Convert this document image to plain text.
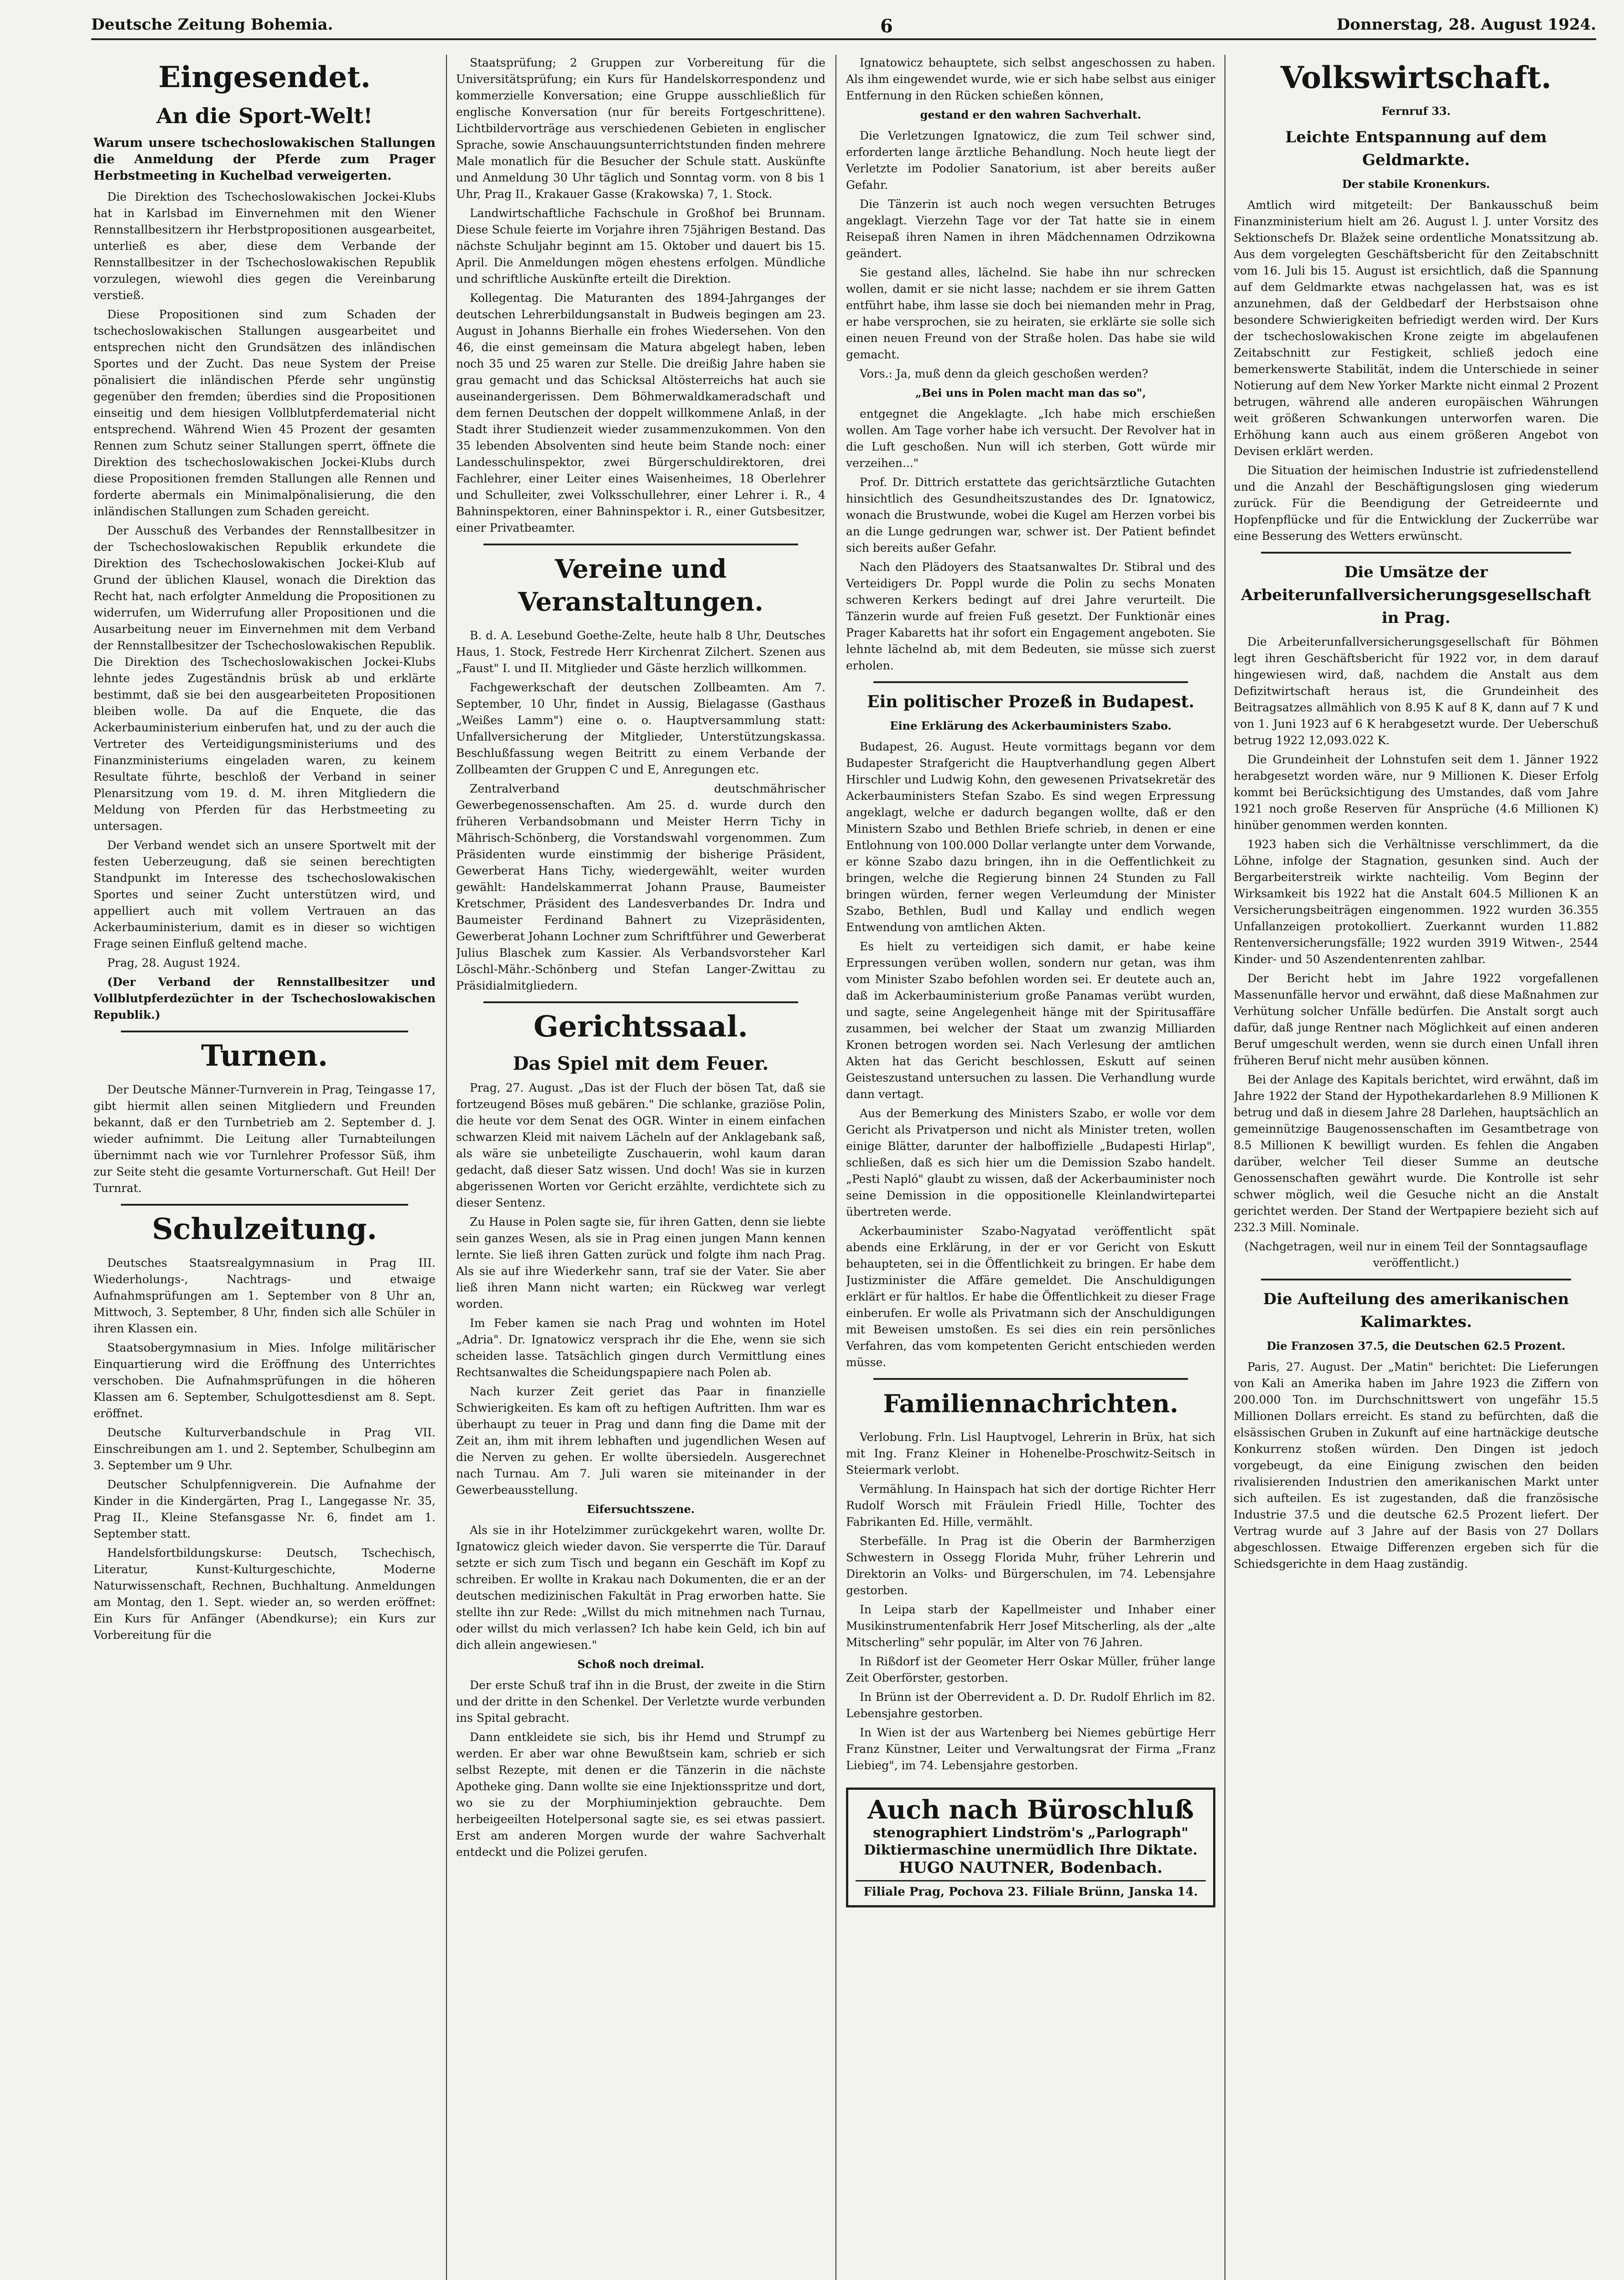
Deutsche Zeitung Bohemia.	6	Donnerstag, 28. August 1924.
Eingesendet.
An die Sport-Welt!
Warum unsere tschechoslowakischen Stallungen die Anmeldung der Pferde zum Prager Herbstmeeting in Kuchelbad verweigerten.

Die Direktion des Tschechoslowakischen Jockei-Klubs hat in Karlsbad im Einvernehmen mit den Wiener Rennstallbesitzern ihr Herbstpropositionen ausgearbeitet, unterließ es aber, diese dem Verbande der Rennstallbesitzer in der Tschechoslowakischen Republik vorzulegen, wiewohl dies gegen die Vereinbarung verstieß.

Diese Propositionen sind zum Schaden der tschechoslowakischen Stallungen ausgearbeitet und entsprechen nicht den Grundsätzen des inländischen Sportes und der Zucht. Das neue System der Preise pönalisiert die inländischen Pferde sehr ungünstig gegenüber den fremden; überdies sind die Propositionen einseitig und dem hiesigen Vollblutpferdematerial nicht entsprechend. Während Wien 45 Prozent der gesamten Rennen zum Schutz seiner Stallungen sperrt, öffnete die Direktion des tschechoslowakischen Jockei-Klubs durch diese Propositionen fremden Stallungen alle Rennen und forderte abermals ein Minimalpönalisierung, die den inländischen Stallungen zum Schaden gereicht.

Der Ausschuß des Verbandes der Rennstallbesitzer in der Tschechoslowakischen Republik erkundete die Direktion des Tschechoslowakischen Jockei-Klub auf Grund der üblichen Klausel, wonach die Direktion das Recht hat, nach erfolgter Anmeldung die Propositionen zu widerrufen, um Widerrufung aller Propositionen und die Ausarbeitung neuer im Einvernehmen mit dem Verband der Rennstallbesitzer der Tschechoslowakischen Republik. Die Direktion des Tschechoslowakischen Jockei-Klubs lehnte jedes Zugeständnis brüsk ab und erklärte bestimmt, daß sie bei den ausgearbeiteten Propositionen bleiben wolle. Da auf die Enquete, die das Ackerbauministerium einberufen hat, und zu der auch die Vertreter des Verteidigungsministeriums und des Finanzministeriums eingeladen waren, zu keinem Resultate führte, beschloß der Verband in seiner Plenarsitzung vom 19. d. M. ihren Mitgliedern die Meldung von Pferden für das Herbstmeeting zu untersagen.

Der Verband wendet sich an unsere Sportwelt mit der festen Ueberzeugung, daß sie seinen berechtigten Standpunkt im Interesse des tschechoslowakischen Sportes und seiner Zucht unterstützen wird, und appelliert auch mit vollem Vertrauen an das Ackerbauministerium, damit es in dieser so wichtigen Frage seinen Einfluß geltend mache.

Prag, 28. August 1924.

(Der Verband der Rennstallbesitzer und Vollblutpferdezüchter in der Tschechoslowakischen Republik.)

Turnen.

Der Deutsche Männer-Turnverein in Prag, Teingasse 17, gibt hiermit allen seinen Mitgliedern und Freunden bekannt, daß er den Turnbetrieb am 2. September d. J. wieder aufnimmt. Die Leitung aller Turnabteilungen übernimmt nach wie vor Turnlehrer Professor Süß, ihm zur Seite steht die gesamte Vorturnerschaft. Gut Heil! Der Turnrat.

Schulzeitung.

Deutsches Staatsrealgymnasium in Prag III. Wiederholungs-, Nachtrags- und etwaige Aufnahmsprüfungen am 1. September von 8 Uhr an, Mittwoch, 3. September, 8 Uhr, finden sich alle Schüler in ihren Klassen ein.

Staatsobergymnasium in Mies. Infolge militärischer Einquartierung wird die Eröffnung des Unterrichtes verschoben. Die Aufnahmsprüfungen in die höheren Klassen am 6. September, Schulgottesdienst am 8. Sept. eröffnet.

Deutsche Kulturverbandschule in Prag VII. Einschreibungen am 1. und 2. September, Schulbeginn am 3. September um 9 Uhr.

Deutscher Schulpfennigverein. Die Aufnahme der Kinder in die Kindergärten, Prag I., Langegasse Nr. 35, Prag II., Kleine Stefansgasse Nr. 6, findet am 1. September statt.

Handelsfortbildungskurse: Deutsch, Tschechisch, Literatur, Kunst-Kulturgeschichte, Moderne Naturwissenschaft, Rechnen, Buchhaltung. Anmeldungen am Montag, den 1. Sept. wieder an, so werden eröffnet: Ein Kurs für Anfänger (Abendkurse); ein Kurs zur Vorbereitung für die

Staatsprüfung; 2 Gruppen zur Vorbereitung für die Universitätsprüfung; ein Kurs für Handelskorrespondenz und kommerzielle Konversation; eine Gruppe ausschließlich für englische Konversation (nur für bereits Fortgeschrittene). Lichtbildervorträge aus verschiedenen Gebieten in englischer Sprache, sowie Anschauungsunterrichtstunden finden mehrere Male monatlich für die Besucher der Schule statt. Auskünfte und Anmeldung 30 Uhr täglich und Sonntag vorm. von 8 bis 1 Uhr, Prag II., Krakauer Gasse (Krakowska) 7, 1. Stock.

Landwirtschaftliche Fachschule in Großhof bei Brunnam. Diese Schule feierte im Vorjahre ihren 75jährigen Bestand. Das nächste Schuljahr beginnt am 15. Oktober und dauert bis 15. April. Die Anmeldungen mögen ehestens erfolgen. Mündliche und schriftliche Auskünfte erteilt die Direktion.

Kollegentag. Die Maturanten des 1894-Jahrganges der deutschen Lehrerbildungsanstalt in Budweis begingen am 23. August in Johanns Bierhalle ein frohes Wiedersehen. Von den 46, die einst gemeinsam die Matura abgelegt haben, leben noch 35 und 25 waren zur Stelle. Die dreißig Jahre haben sie grau gemacht und das Schicksal Altösterreichs hat auch sie auseinandergerissen. Dem Böhmerwaldkameradschaft und dem fernen Deutschen der doppelt willkommene Anlaß, in der Stadt ihrer Studienzeit wieder zusammenzukommen. Von den 35 lebenden Absolventen sind heute beim Stande noch: einer Landesschulinspektor, zwei Bürgerschuldirektoren, drei Fachlehrer, einer Leiter eines Waisenheimes, 18 Oberlehrer und Schulleiter, zwei Volksschullehrer, einer Lehrer i. R., 4 Bahninspektoren, einer Bahninspektor i. R., einer Gutsbesitzer, einer Privatbeamter.

Vereine und Veranstaltungen.

B. d. A. Lesebund Goethe-Zelte, heute halb 8 Uhr, Deutsches Haus, 1. Stock, Festrede Herr Kirchenrat Zilchert. Szenen aus „Faust" I. und II. Mitglieder und Gäste herzlich willkommen.

Fachgewerkschaft der deutschen Zollbeamten. Am 7. September, 10 Uhr, findet in Aussig, Bielagasse (Gasthaus „Weißes Lamm") eine o. o. Hauptversammlung statt: Unfallversicherung der Mitglieder, Unterstützungskassa. Beschlußfassung wegen Beitritt zu einem Verbande der Zollbeamten der Gruppen C und E, Anregungen etc.

Zentralverband deutschmährischer Gewerbegenossenschaften. Am 25. d. wurde durch den früheren Verbandsobmann und Meister Herrn Tichy in Mährisch-Schönberg, die Vorstandswahl vorgenommen. Zum Präsidenten wurde einstimmig der bisherige Präsident, Gewerberat Hans Tichy, wiedergewählt, weiter wurden gewählt: Handelskammerrat Johann Prause, Baumeister Kretschmer, Präsident des Landesverbandes Dr. Indra und Baumeister Ferdinand Bahnert zu Vizepräsidenten, Gewerberat Johann Lochner zum Schriftführer und Gewerberat Julius Blaschek zum Kassier. Als Verbandsvorsteher Karl Löschl-Mähr.-Schönberg und Stefan Langer-Zwittau zu Präsidialmitgliedern.

Gerichtssaal.
Das Spiel mit dem Feuer.

Prag, 27. August. „Das ist der Fluch der bösen Tat, daß sie fortzeugend Böses muß gebären." Die schlanke, graziöse Polin, die heute vor dem Senat des OGR. Winter in einem einfachen schwarzen Kleid mit naivem Lächeln auf der Anklagebank saß, als wäre sie unbeteiligte Zuschauerin, wohl kaum daran gedacht, daß dieser Satz wissen. Und doch! Was sie in kurzen abgerissenen Worten vor Gericht erzählte, verdichtete sich zu dieser Sentenz.

Zu Hause in Polen sagte sie, für ihren Gatten, denn sie liebte sein ganzes Wesen, als sie in Prag einen jungen Mann kennen lernte. Sie ließ ihren Gatten zurück und folgte ihm nach Prag. Als sie auf ihre Wiederkehr sann, traf sie der Vater. Sie aber ließ ihren Mann nicht warten; ein Rückweg war verlegt worden.

Im Feber kamen sie nach Prag und wohnten im Hotel „Adria". Dr. Ignatowicz versprach ihr die Ehe, wenn sie sich scheiden lasse. Tatsächlich gingen durch Vermittlung eines Rechtsanwaltes die Scheidungspapiere nach Polen ab.

Nach kurzer Zeit geriet das Paar in finanzielle Schwierigkeiten. Es kam oft zu heftigen Auftritten. Ihm war es überhaupt zu teuer in Prag und dann fing die Dame mit der Zeit an, ihm mit ihrem lebhaften und jugendlichen Wesen auf die Nerven zu gehen. Er wollte übersiedeln. Ausgerechnet nach Turnau. Am 7. Juli waren sie miteinander in der Gewerbeausstellung.

Eifersuchtsszene.

Als sie in ihr Hotelzimmer zurückgekehrt waren, wollte Dr. Ignatowicz gleich wieder davon. Sie versperrte die Tür. Darauf setzte er sich zum Tisch und begann ein Geschäft im Kopf zu schreiben. Er wollte in Krakau nach Dokumenten, die er an der deutschen medizinischen Fakultät in Prag erworben hatte. Sie stellte ihn zur Rede: „Willst du mich mitnehmen nach Turnau, oder willst du mich verlassen? Ich habe kein Geld, ich bin auf dich allein angewiesen."

Schoß noch dreimal.

Der erste Schuß traf ihn in die Brust, der zweite in die Stirn und der dritte in den Schenkel. Der Verletzte wurde verbunden ins Spital gebracht.

Dann entkleidete sie sich, bis ihr Hemd und Strumpf zu werden. Er aber war ohne Bewußtsein kam, schrieb er sich selbst Rezepte, mit denen er die Tänzerin in die nächste Apotheke ging. Dann wollte sie eine Injektionsspritze und dort, wo sie zu der Morphiuminjektion gebrauchte. Dem herbeigeeilten Hotelpersonal sagte sie, es sei etwas passiert. Erst am anderen Morgen wurde der wahre Sachverhalt entdeckt und die Polizei gerufen.

Ignatowicz behauptete, sich selbst angeschossen zu haben. Als ihm eingewendet wurde, wie er sich habe selbst aus einiger Entfernung in den Rücken schießen können,

gestand er den wahren Sachverhalt.

Die Verletzungen Ignatowicz, die zum Teil schwer sind, erforderten lange ärztliche Behandlung. Noch heute liegt der Verletzte im Podolier Sanatorium, ist aber bereits außer Gefahr.

Die Tänzerin ist auch noch wegen versuchten Betruges angeklagt. Vierzehn Tage vor der Tat hatte sie in einem Reisepaß ihren Namen in ihren Mädchennamen Odrzikowna geändert.

Sie gestand alles, lächelnd. Sie habe ihn nur schrecken wollen, damit er sie nicht lasse; nachdem er sie ihrem Gatten entführt habe, ihm lasse sie doch bei niemanden mehr in Prag, er habe versprochen, sie zu heiraten, sie erklärte sie solle sich einen neuen Freund von der Straße holen. Das habe sie wild gemacht.

Vors.: Ja, muß denn da gleich geschoßen werden?

„Bei uns in Polen macht man das so",

entgegnet die Angeklagte. „Ich habe mich erschießen wollen. Am Tage vorher habe ich versucht. Der Revolver hat in die Luft geschoßen. Nun will ich sterben, Gott würde mir verzeihen..."

Prof. Dr. Dittrich erstattete das gerichtsärztliche Gutachten hinsichtlich des Gesundheitszustandes des Dr. Ignatowicz, wonach die Brustwunde, wobei die Kugel am Herzen vorbei bis an die Lunge gedrungen war, schwer ist. Der Patient befindet sich bereits außer Gefahr.

Nach den Plädoyers des Staatsanwaltes Dr. Stibral und des Verteidigers Dr. Poppl wurde die Polin zu sechs Monaten schweren Kerkers bedingt auf drei Jahre verurteilt. Die Tänzerin wurde auf freien Fuß gesetzt. Der Funktionär eines Prager Kabaretts hat ihr sofort ein Engagement angeboten. Sie lehnte lächelnd ab, mit dem Bedeuten, sie müsse sich zuerst erholen.

Ein politischer Prozeß in Budapest.
Eine Erklärung des Ackerbauministers Szabo.

Budapest, 26. August. Heute vormittags begann vor dem Budapester Strafgericht die Hauptverhandlung gegen Albert Hirschler und Ludwig Kohn, den gewesenen Privatsekretär des Ackerbauministers Stefan Szabo. Es sind wegen Erpressung angeklagt, welche er dadurch begangen wollte, daß er den Ministern Szabo und Bethlen Briefe schrieb, in denen er eine Entlohnung von 100.000 Dollar verlangte unter dem Vorwande, er könne Szabo dazu bringen, ihn in die Oeffentlichkeit zu bringen, welche die Regierung binnen 24 Stunden zu Fall bringen würden, ferner wegen Verleumdung der Minister Szabo, Bethlen, Budl und Kallay und endlich wegen Entwendung von amtlichen Akten.

Es hielt zu verteidigen sich damit, er habe keine Erpressungen verüben wollen, sondern nur getan, was ihm vom Minister Szabo befohlen worden sei. Er deutete auch an, daß im Ackerbauministerium große Panamas verübt wurden, und sagte, seine Angelegenheit hänge mit der Spiritusaffäre zusammen, bei welcher der Staat um zwanzig Milliarden Kronen betrogen worden sei. Nach Verlesung der amtlichen Akten hat das Gericht beschlossen, Eskutt auf seinen Geisteszustand untersuchen zu lassen. Die Verhandlung wurde dann vertagt.

Aus der Bemerkung des Ministers Szabo, er wolle vor dem Gericht als Privatperson und nicht als Minister treten, wollen einige Blätter, darunter der halboffizielle „Budapesti Hirlap", schließen, daß es sich hier um die Demission Szabo handelt. „Pesti Napló" glaubt zu wissen, daß der Ackerbauminister noch seine Demission in die oppositionelle Kleinlandwirtepartei übertreten werde.

Ackerbauminister Szabo-Nagyatad veröffentlicht spät abends eine Erklärung, in der er vor Gericht von Eskutt behaupteten, sei in die Öffentlichkeit zu bringen. Er habe dem Justizminister die Affäre gemeldet. Die Anschuldigungen erklärt er für haltlos. Er habe die Öffentlichkeit zu dieser Frage einberufen. Er wolle als Privatmann sich der Anschuldigungen mit Beweisen umstoßen. Es sei dies ein rein persönliches Verfahren, das vom kompetenten Gericht entschieden werden müsse.

Familiennachrichten.

Verlobung. Frln. Lisl Hauptvogel, Lehrerin in Brüx, hat sich mit Ing. Franz Kleiner in Hohenelbe-Proschwitz-Seitsch in Steiermark verlobt.

Vermählung. In Hainspach hat sich der dortige Richter Herr Rudolf Worsch mit Fräulein Friedl Hille, Tochter des Fabrikanten Ed. Hille, vermählt.

Sterbefälle. In Prag ist die Oberin der Barmherzigen Schwestern in Ossegg Florida Muhr, früher Lehrerin und Direktorin an Volks- und Bürgerschulen, im 74. Lebensjahre gestorben.

In Leipa starb der Kapellmeister und Inhaber einer Musikinstrumentenfabrik Herr Josef Mitscherling, als der „alte Mitscherling" sehr populär, im Alter von 76 Jahren.

In Rißdorf ist der Geometer Herr Oskar Müller, früher lange Zeit Oberförster, gestorben.

In Brünn ist der Oberrevident a. D. Dr. Rudolf Ehrlich im 82. Lebensjahre gestorben.

In Wien ist der aus Wartenberg bei Niemes gebürtige Herr Franz Künstner, Leiter und Verwaltungsrat der Firma „Franz Liebieg", im 74. Lebensjahre gestorben.

Auch nach Büroschluß
stenographiert Lindström's „Parlograph"
Diktiermaschine unermüdlich Ihre Diktate.
HUGO NAUTNER, Bodenbach.
Filiale Prag, Pochova 23. Filiale Brünn, Janska 14.
Volkswirtschaft.
Fernruf 33.
Leichte Entspannung auf dem Geldmarkte.
Der stabile Kronenkurs.

Amtlich wird mitgeteilt: Der Bankausschuß beim Finanzministerium hielt am 26. August l. J. unter Vorsitz des Sektionschefs Dr. Blažek seine ordentliche Monatssitzung ab. Aus dem vorgelegten Geschäftsbericht für den Zeitabschnitt vom 16. Juli bis 15. August ist ersichtlich, daß die Spannung auf dem Geldmarkte etwas nachgelassen hat, was es ist anzunehmen, daß der Geldbedarf der Herbstsaison ohne besondere Schwierigkeiten befriedigt werden wird. Der Kurs der tschechoslowakischen Krone zeigte im abgelaufenen Zeitabschnitt zur Festigkeit, schließ jedoch eine bemerkenswerte Stabilität, indem die Unterschiede in seiner Notierung auf dem New Yorker Markte nicht einmal 2 Prozent betrugen, während alle anderen europäischen Währungen weit größeren Schwankungen unterworfen waren. Die Erhöhung kann auch aus einem größeren Angebot von Devisen erklärt werden.

Die Situation der heimischen Industrie ist zufriedenstellend und die Anzahl der Beschäftigungslosen ging wiederum zurück. Für die Beendigung der Getreideernte und Hopfenpflücke und für die Entwicklung der Zuckerrübe war eine Besserung des Wetters erwünscht.

Die Umsätze der Arbeiterunfallversicherungsgesellschaft in Prag.

Die Arbeiterunfallversicherungsgesellschaft für Böhmen legt ihren Geschäftsbericht für 1922 vor, in dem darauf hingewiesen wird, daß, nachdem die Anstalt aus dem Defizitwirtschaft heraus ist, die Grundeinheit des Beitragsatzes allmählich von 8.95 K auf 8 K, dann auf 7 K und von 1. Juni 1923 auf 6 K herabgesetzt wurde. Der Ueberschuß betrug 1922 12,093.022 K.

Die Grundeinheit der Lohnstufen seit dem 1. Jänner 1922 herabgesetzt worden wäre, nur 9 Millionen K. Dieser Erfolg kommt bei Berücksichtigung des Umstandes, daß vom Jahre 1921 noch große Reserven für Ansprüche (4.6 Millionen K) hinüber genommen werden konnten.

1923 haben sich die Verhältnisse verschlimmert, da die Löhne, infolge der Stagnation, gesunken sind. Auch der Bergarbeiterstreik wirkte nachteilig. Vom Beginn der Wirksamkeit bis 1922 hat die Anstalt 604.5 Millionen K an Versicherungsbeiträgen eingenommen. 1922 wurden 36.355 Unfallanzeigen protokolliert. Zuerkannt wurden 11.882 Rentenversicherungsfälle; 1922 wurden 3919 Witwen-, 2544 Kinder- und 50 Aszendentenrenten zahlbar.

Der Bericht hebt im Jahre 1922 vorgefallenen Massenunfälle hervor und erwähnt, daß diese Maßnahmen zur Verhütung solcher Unfälle bedürfen. Die Anstalt sorgt auch dafür, daß junge Rentner nach Möglichkeit auf einen anderen Beruf umgeschult werden, wenn sie durch einen Unfall ihren früheren Beruf nicht mehr ausüben können.

Bei der Anlage des Kapitals berichtet, wird erwähnt, daß im Jahre 1922 der Stand der Hypothekardarlehen 8.9 Millionen K betrug und daß in diesem Jahre 28 Darlehen, hauptsächlich an gemeinnützige Baugenossenschaften im Gesamtbetrage von 8.5 Millionen K bewilligt wurden. Es fehlen die Angaben darüber, welcher Teil dieser Summe an deutsche Genossenschaften gewährt wurde. Die Kontrolle ist sehr schwer möglich, weil die Gesuche nicht an die Anstalt gerichtet werden. Der Stand der Wertpapiere bezieht sich auf 232.3 Mill. Nominale.

(Nachgetragen, weil nur in einem Teil der Sonntagsauflage veröffentlicht.)

Die Aufteilung des amerikanischen Kalimarktes.
Die Franzosen 37.5, die Deutschen 62.5 Prozent.

Paris, 27. August. Der „Matin" berichtet: Die Lieferungen von Kali an Amerika haben im Jahre 1923 die Ziffern von 200.000 Ton. im Durchschnittswert von ungefähr 15.5 Millionen Dollars erreicht. Es stand zu befürchten, daß die elsässischen Gruben in Zukunft auf eine hartnäckige deutsche Konkurrenz stoßen würden. Den Dingen ist jedoch vorgebeugt, da eine Einigung zwischen den beiden rivalisierenden Industrien den amerikanischen Markt unter sich aufteilen. Es ist zugestanden, daß die französische Industrie 37.5 und die deutsche 62.5 Prozent liefert. Der Vertrag wurde auf 3 Jahre auf der Basis von 27 Dollars abgeschlossen. Etwaige Differenzen ergeben sich für die Schiedsgerichte in dem Haag zuständig.
